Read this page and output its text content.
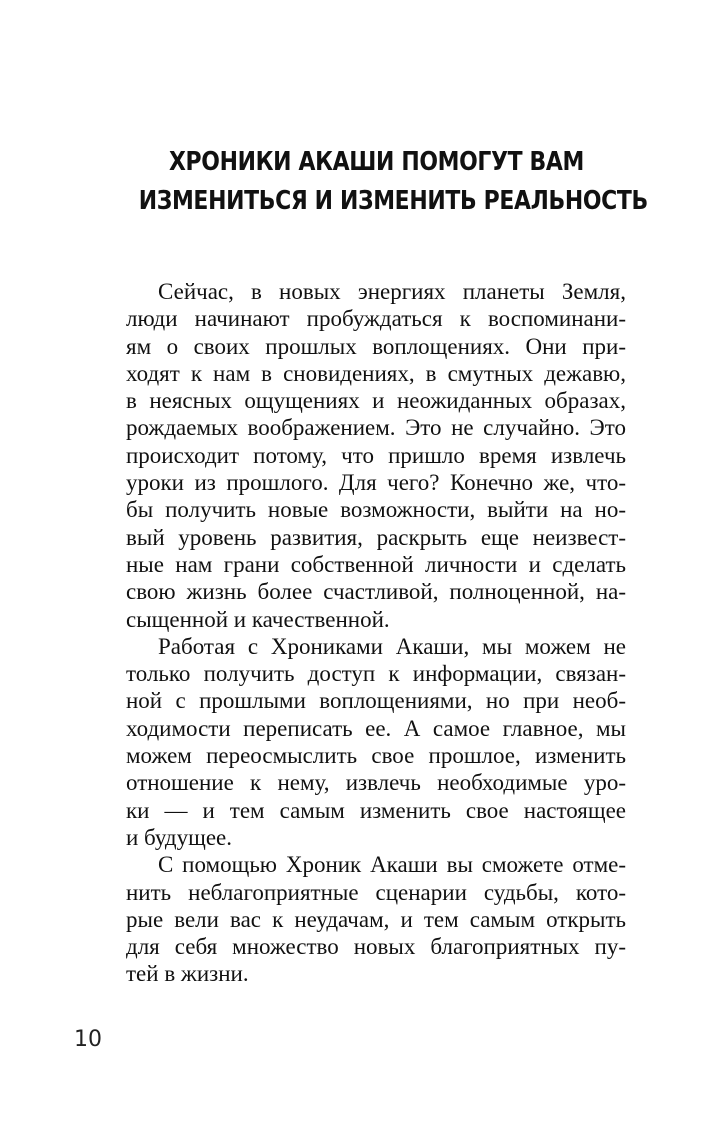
ХРОНИКИ АКАШИ ПОМОГУТ ВАМ
ИЗМЕНИТЬСЯ И ИЗМЕНИТЬ РЕАЛЬНОСТЬ
Сейчас, в новых энергиях планеты Земля,
люди начинают пробуждаться к воспоминани-
ям о своих прошлых воплощениях. Они при-
ходят к нам в сновидениях, в смутных дежавю,
в неясных ощущениях и неожиданных образах,
рождаемых воображением. Это не случайно. Это
происходит потому, что пришло время извлечь
уроки из прошлого. Для чего? Конечно же, что-
бы получить новые возможности, выйти на но-
вый уровень развития, раскрыть еще неизвест-
ные нам грани собственной личности и сделать
свою жизнь более счастливой, полноценной, на-
сыщенной и качественной.
Работая с Хрониками Акаши, мы можем не
только получить доступ к информации, связан-
ной с прошлыми воплощениями, но при необ-
ходимости переписать ее. А самое главное, мы
можем переосмыслить свое прошлое, изменить
отношение к нему, извлечь необходимые уро-
ки — и тем самым изменить свое настоящее
и будущее.
С помощью Хроник Акаши вы сможете отме-
нить неблагоприятные сценарии судьбы, кото-
рые вели вас к неудачам, и тем самым открыть
для себя множество новых благоприятных пу-
тей в жизни.
10
